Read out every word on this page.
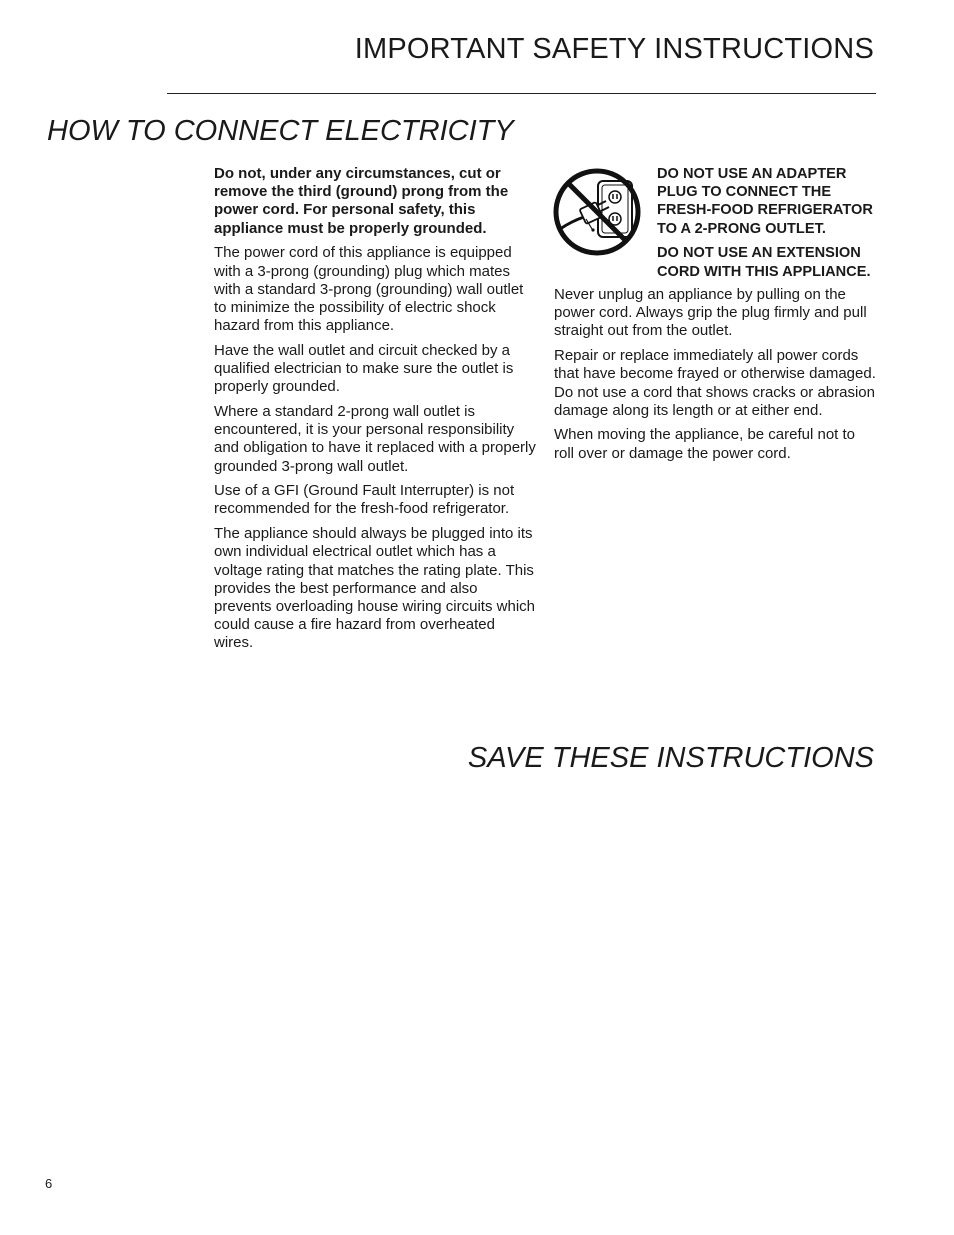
IMPORTANT SAFETY INSTRUCTIONS
HOW TO CONNECT ELECTRICITY

Do not, under any circumstances, cut or remove the third (ground) prong from the power cord. For personal safety, this appliance must be properly grounded.

The power cord of this appliance is equipped with a 3-prong (grounding) plug which mates with a standard 3-prong (grounding) wall outlet to minimize the possibility of electric shock hazard from this appliance.

Have the wall outlet and circuit checked by a qualified electrician to make sure the outlet is properly grounded.

Where a standard 2-prong wall outlet is encountered, it is your personal responsibility and obligation to have it replaced with a properly grounded 3-prong wall outlet.

Use of a GFI (Ground Fault Interrupter) is not recommended for the fresh-food refrigerator.

The appliance should always be plugged into its own individual electrical outlet which has a voltage rating that matches the rating plate. This provides the best performance and also prevents overloading house wiring circuits which could cause a fire hazard from overheated wires.

DO NOT USE AN ADAPTER PLUG TO CONNECT THE FRESH-FOOD REFRIGERATOR TO A 2-PRONG OUTLET.

DO NOT USE AN EXTENSION CORD WITH THIS APPLIANCE.

Never unplug an appliance by pulling on the power cord. Always grip the plug firmly and pull straight out from the outlet.

Repair or replace immediately all power cords that have become frayed or otherwise damaged. Do not use a cord that shows cracks or abrasion damage along its length or at either end.

When moving the appliance, be careful not to roll over or damage the power cord.

SAVE THESE INSTRUCTIONS
6
